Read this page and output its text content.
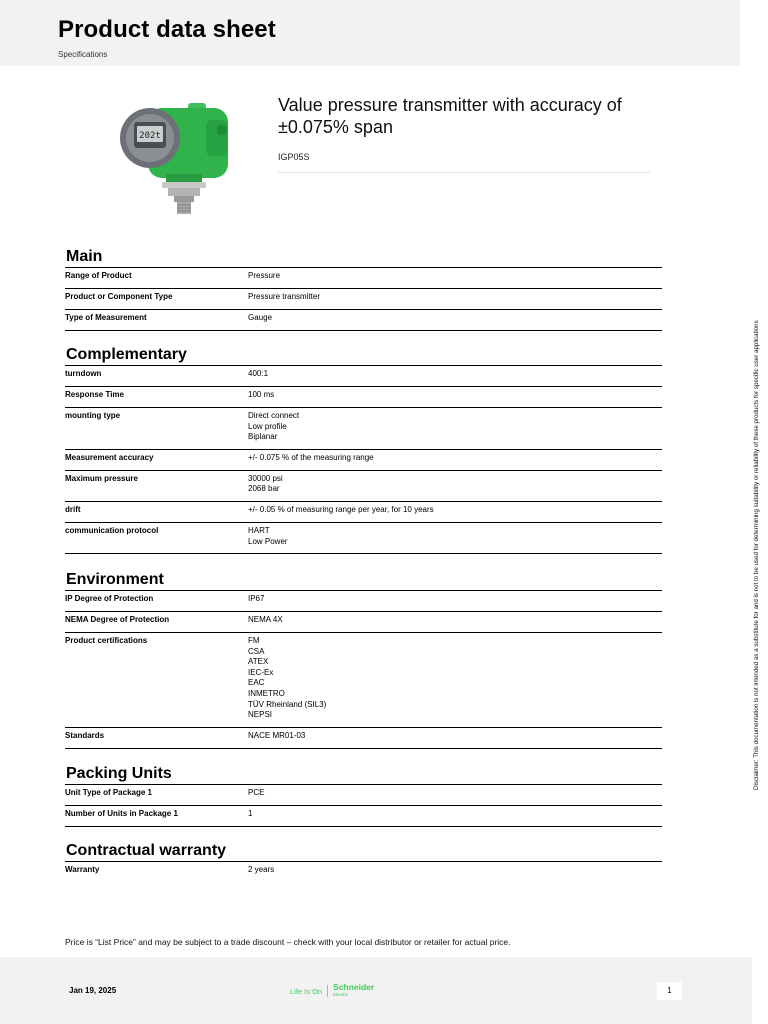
Product data sheet
Specifications
202t
Value pressure transmitter with accuracy of ±0.075% span
IGP05S
Main
Range of Product	Pressure
Product or Component Type	Pressure transmitter
Type of Measurement	Gauge
Complementary
turndown	400:1
Response Time	100 ms
mounting type	Direct connect
Low profile
Biplanar
Measurement accuracy	+/- 0.075 % of the measuring range
Maximum pressure	30000 psi
2068 bar
drift	+/- 0.05 % of measuring range per year, for 10 years
communication protocol	HART
Low Power
Environment
IP Degree of Protection	IP67
NEMA Degree of Protection	NEMA 4X
Product certifications	FM
CSA
ATEX
IEC-Ex
EAC
INMETRO
TÜV Rheinland (SIL3)
NEPSI
Standards	NACE MR01-03
Packing Units
Unit Type of Package 1	PCE
Number of Units in Package 1	1
Contractual warranty
Warranty	2 years
Price is “List Price” and may be subject to a trade discount – check with your local distributor or retailer for actual price.
Jan 19, 2025	Life Is On Schneider
Electric	1
Disclaimer: This documentation is not intended as a substitute for and is not to be used for determining suitability or reliability of these products for specific user applications
